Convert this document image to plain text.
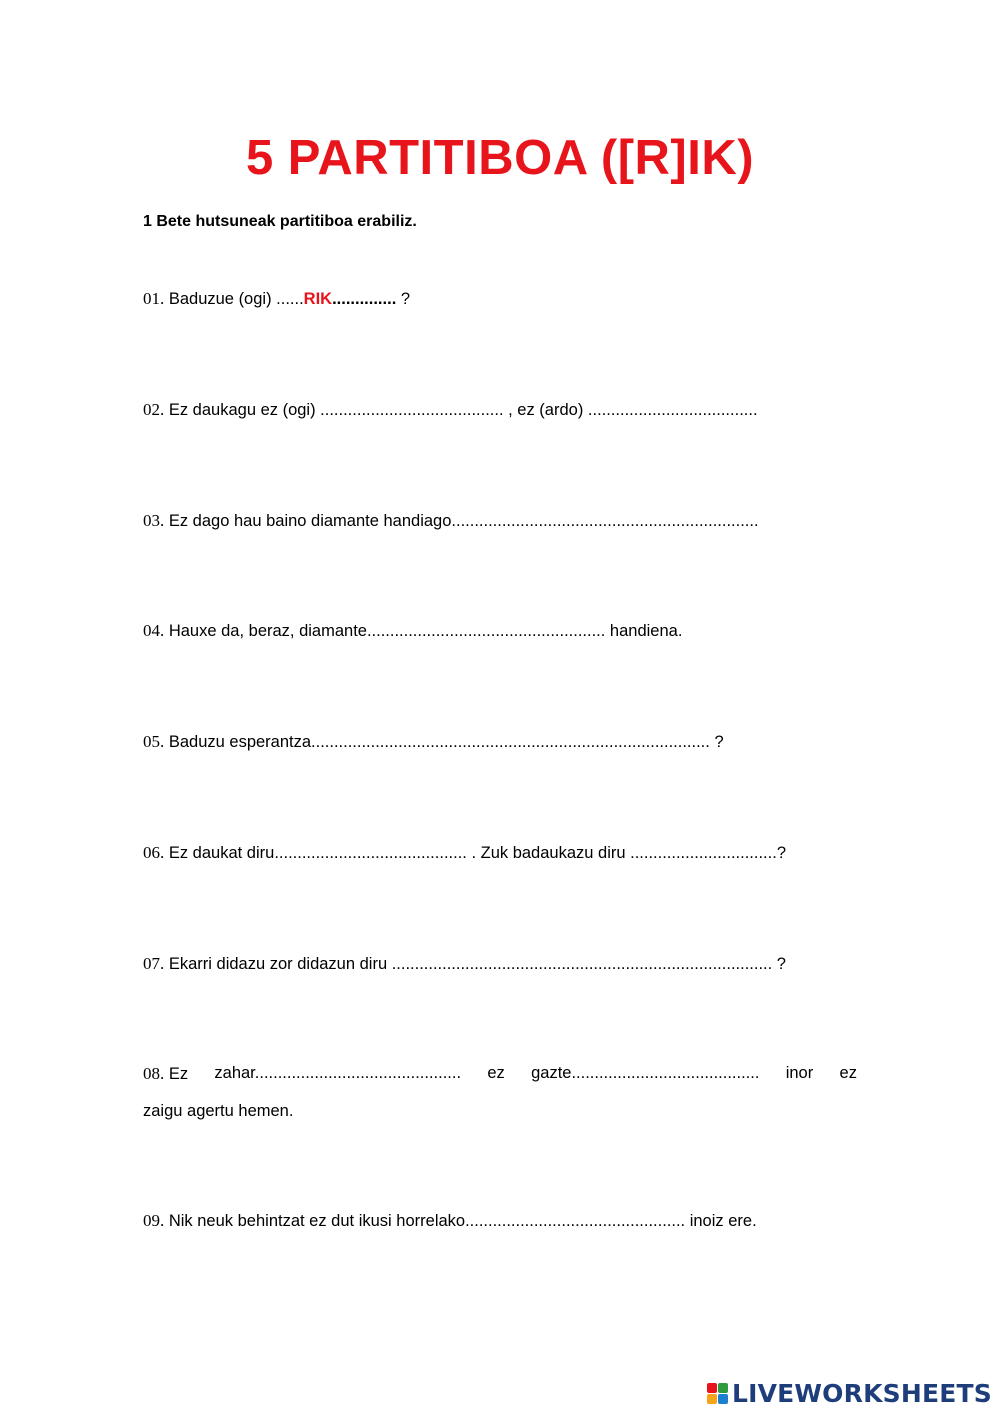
5 PARTITIBOA ([R]IK)

1 Bete hutsuneak partitiboa erabiliz.

01. Baduzue (ogi) ......RIK.............. ?

02. Ez daukagu ez (ogi) ........................................ , ez (ardo) .....................................

03. Ez dago hau baino diamante handiago...................................................................

04. Hauxe da, beraz, diamante.................................................... handiena.

05. Baduzu esperantza....................................................................................... ?

06. Ez daukat diru.......................................... . Zuk badaukazu diru ................................?

07. Ekarri didazu zor didazun diru ................................................................................... ?

08. Ez zahar............................................. ez gazte......................................... inor ez
zaigu agertu hemen.

09. Nik neuk behintzat ez dut ikusi horrelako................................................ inoiz ere.

LIVEWORKSHEETS
